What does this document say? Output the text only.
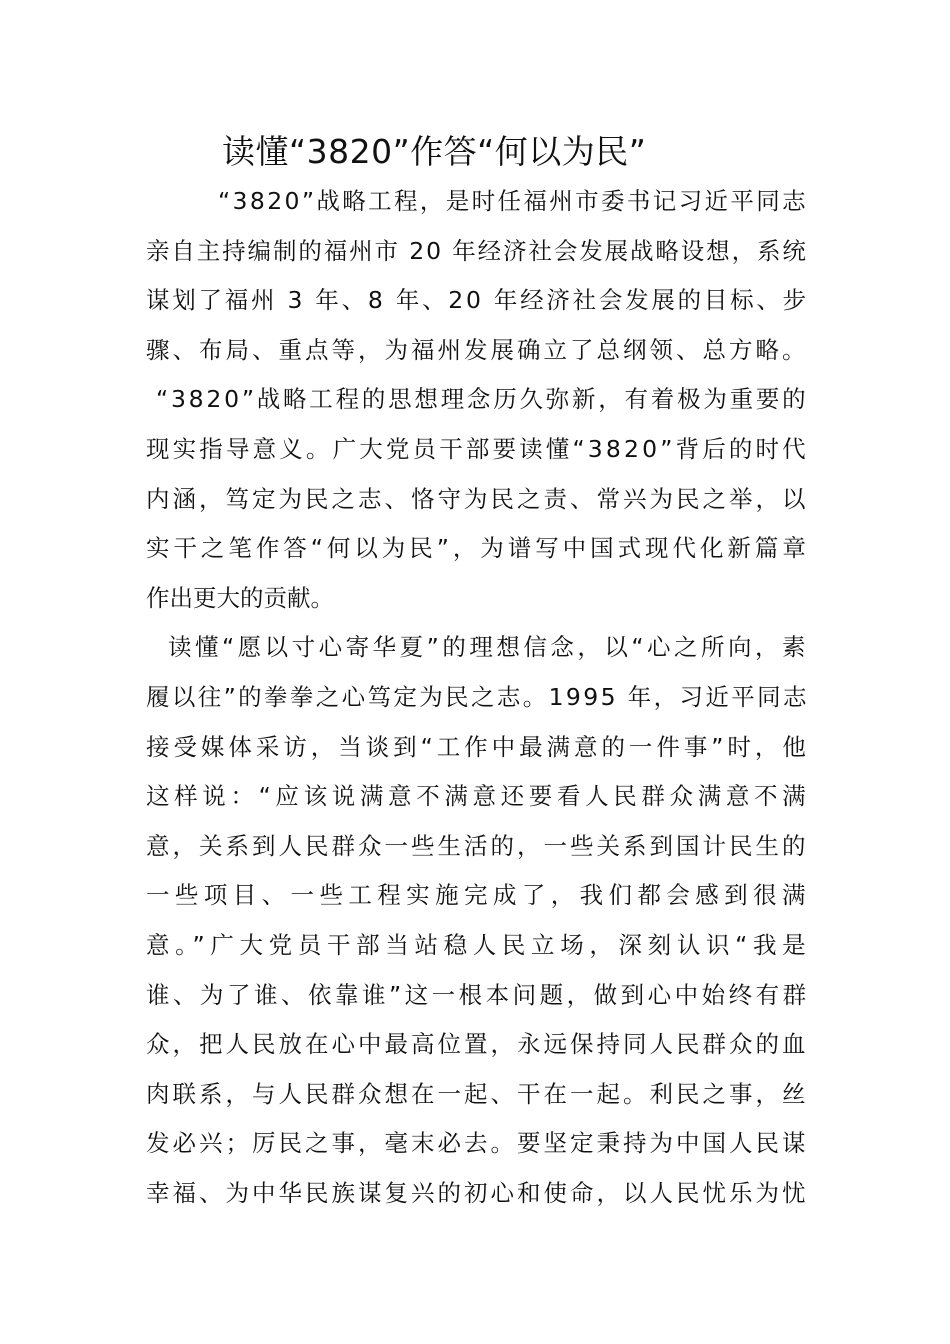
读懂“3820”作答“何以为民”
“3820”战略工程，是时任福州市委书记习近平同志
亲自主持编制的福州市 20 年经济社会发展战略设想，系统
谋划了福州 3 年、8 年、20 年经济社会发展的目标、步
骤、布局、重点等，为福州发展确立了总纲领、总方略。
“3820”战略工程的思想理念历久弥新，有着极为重要的
现实指导意义。广大党员干部要读懂“3820”背后的时代
内涵，笃定为民之志、恪守为民之责、常兴为民之举，以
实干之笔作答“何以为民”，为谱写中国式现代化新篇章
作出更大的贡献。
读懂“愿以寸心寄华夏”的理想信念，以“心之所向，素
履以往”的拳拳之心笃定为民之志。1995 年，习近平同志
接受媒体采访，当谈到“工作中最满意的一件事”时，他
这样说：“应该说满意不满意还要看人民群众满意不满
意，关系到人民群众一些生活的，一些关系到国计民生的
一些项目、一些工程实施完成了，我们都会感到很满
意。”广大党员干部当站稳人民立场，深刻认识“我是
谁、为了谁、依靠谁”这一根本问题，做到心中始终有群
众，把人民放在心中最高位置，永远保持同人民群众的血
肉联系，与人民群众想在一起、干在一起。利民之事，丝
发必兴；厉民之事，毫末必去。要坚定秉持为中国人民谋
幸福、为中华民族谋复兴的初心和使命，以人民忧乐为忧
